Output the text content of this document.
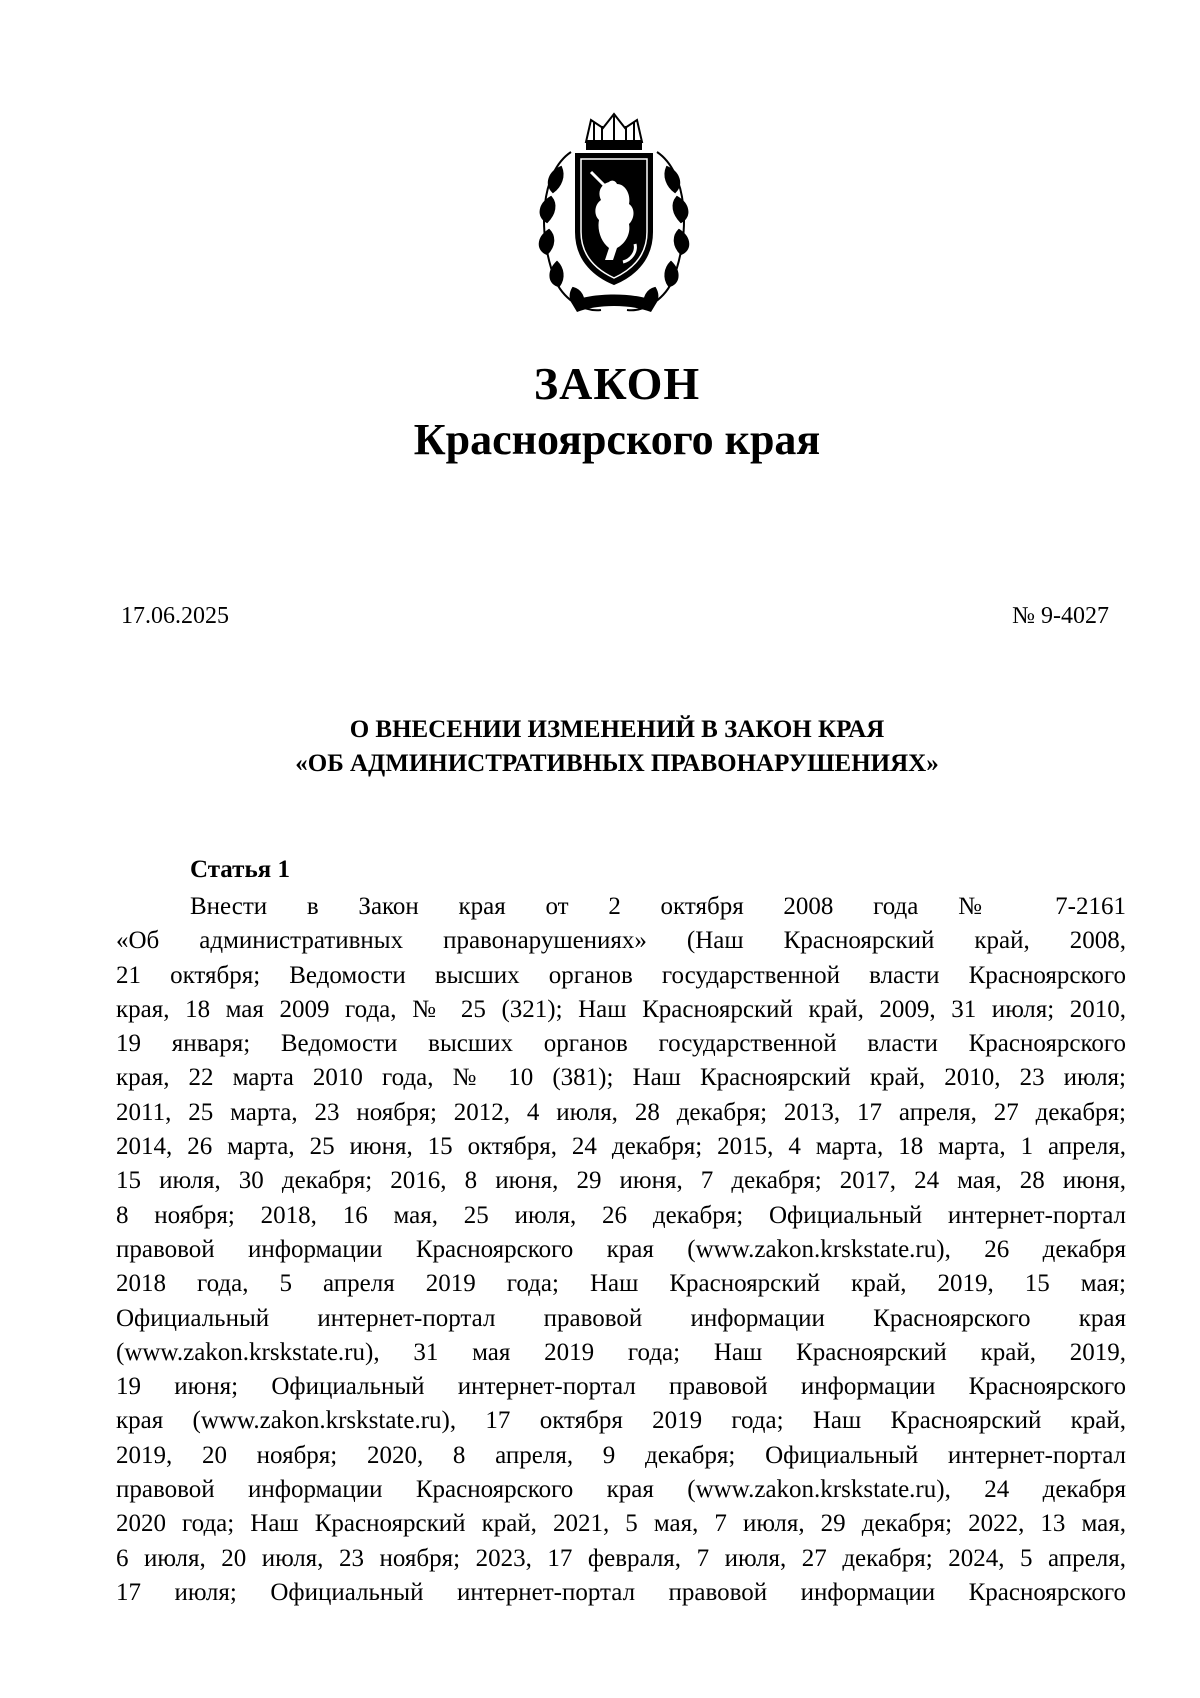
ЗАКОН
Красноярского края
17.06.2025	№ 9-4027
О ВНЕСЕНИИ ИЗМЕНЕНИЙ В ЗАКОН КРАЯ
«ОБ АДМИНИСТРАТИВНЫХ ПРАВОНАРУШЕНИЯХ»
Статья 1
Внести в Закон края от 2 октября 2008 года № 7-2161
«Об административных правонарушениях» (Наш Красноярский край, 2008,
21 октября; Ведомости высших органов государственной власти Красноярского
края, 18 мая 2009 года, № 25 (321); Наш Красноярский край, 2009, 31 июля; 2010,
19 января; Ведомости высших органов государственной власти Красноярского
края, 22 марта 2010 года, № 10 (381); Наш Красноярский край, 2010, 23 июля;
2011, 25 марта, 23 ноября; 2012, 4 июля, 28 декабря; 2013, 17 апреля, 27 декабря;
2014, 26 марта, 25 июня, 15 октября, 24 декабря; 2015, 4 марта, 18 марта, 1 апреля,
15 июля, 30 декабря; 2016, 8 июня, 29 июня, 7 декабря; 2017, 24 мая, 28 июня,
8 ноября; 2018, 16 мая, 25 июля, 26 декабря; Официальный интернет-портал
правовой информации Красноярского края (www.zakon.krskstate.ru), 26 декабря
2018 года, 5 апреля 2019 года; Наш Красноярский край, 2019, 15 мая;
Официальный интернет-портал правовой информации Красноярского края
(www.zakon.krskstate.ru), 31 мая 2019 года; Наш Красноярский край, 2019,
19 июня; Официальный интернет-портал правовой информации Красноярского
края (www.zakon.krskstate.ru), 17 октября 2019 года; Наш Красноярский край,
2019, 20 ноября; 2020, 8 апреля, 9 декабря; Официальный интернет-портал
правовой информации Красноярского края (www.zakon.krskstate.ru), 24 декабря
2020 года; Наш Красноярский край, 2021, 5 мая, 7 июля, 29 декабря; 2022, 13 мая,
6 июля, 20 июля, 23 ноября; 2023, 17 февраля, 7 июля, 27 декабря; 2024, 5 апреля,
17 июля; Официальный интернет-портал правовой информации Красноярского
